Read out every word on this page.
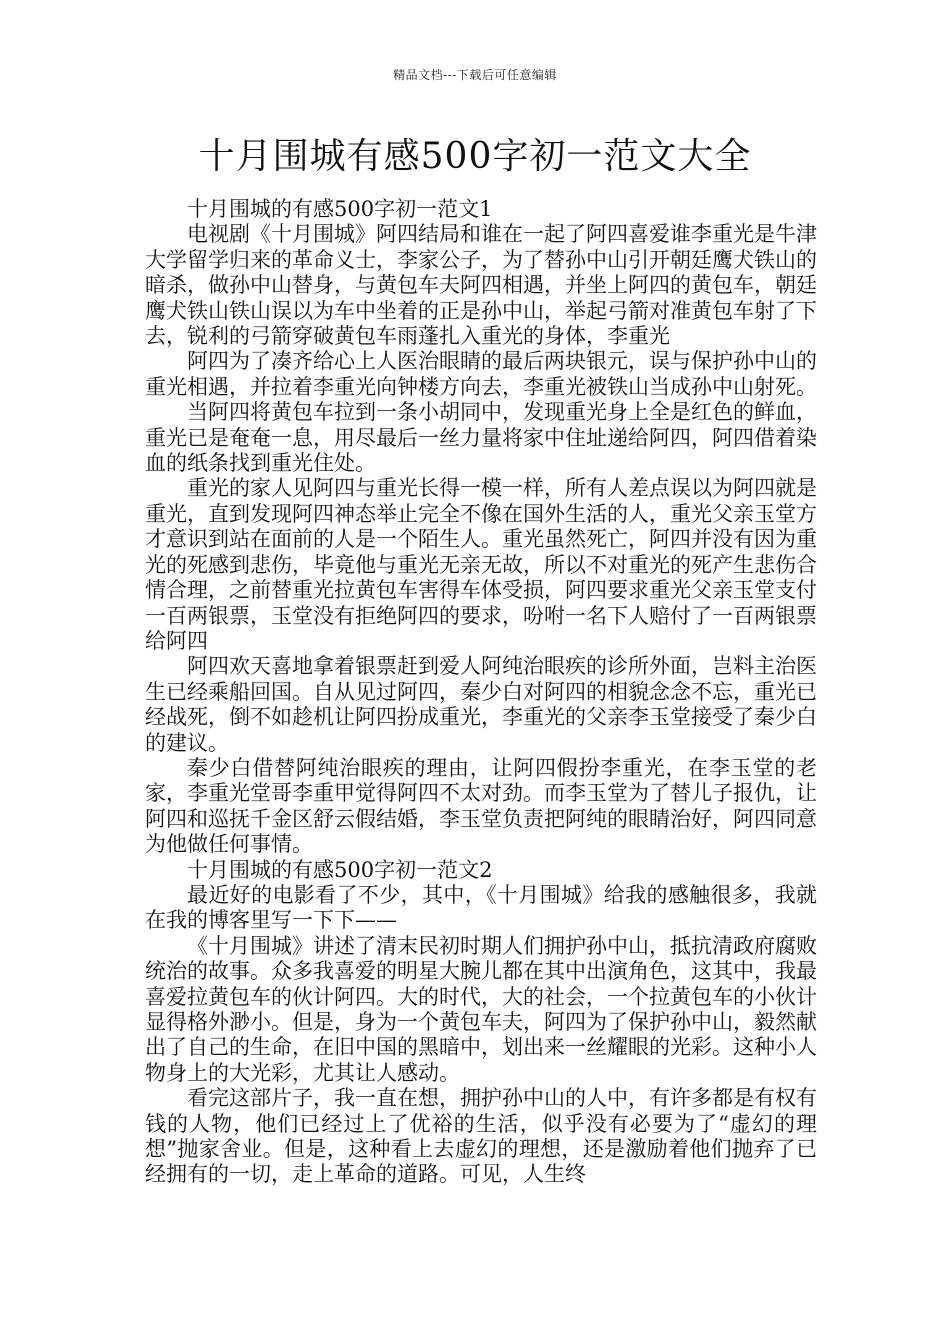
精品文档---下载后可任意编辑
十月围城有感500字初一范文大全

十月围城的有感500字初一范文1

电视剧《十月围城》阿四结局和谁在一起了阿四喜爱谁李重光是牛津大学留学归来的革命义士，李家公子，为了替孙中山引开朝廷鹰犬铁山的暗杀，做孙中山替身，与黄包车夫阿四相遇，并坐上阿四的黄包车，朝廷鹰犬铁山铁山误以为车中坐着的正是孙中山，举起弓箭对准黄包车射了下去，锐利的弓箭穿破黄包车雨蓬扎入重光的身体，李重光

阿四为了凑齐给心上人医治眼睛的最后两块银元，误与保护孙中山的重光相遇，并拉着李重光向钟楼方向去，李重光被铁山当成孙中山射死。

当阿四将黄包车拉到一条小胡同中，发现重光身上全是红色的鲜血，重光已是奄奄一息，用尽最后一丝力量将家中住址递给阿四，阿四借着染血的纸条找到重光住处。

重光的家人见阿四与重光长得一模一样，所有人差点误以为阿四就是重光，直到发现阿四神态举止完全不像在国外生活的人，重光父亲玉堂方才意识到站在面前的人是一个陌生人。重光虽然死亡，阿四并没有因为重光的死感到悲伤，毕竟他与重光无亲无故，所以不对重光的死产生悲伤合情合理，之前替重光拉黄包车害得车体受损，阿四要求重光父亲玉堂支付一百两银票，玉堂没有拒绝阿四的要求，吩咐一名下人赔付了一百两银票给阿四

阿四欢天喜地拿着银票赶到爱人阿纯治眼疾的诊所外面，岂料主治医生已经乘船回国。自从见过阿四，秦少白对阿四的相貌念念不忘，重光已经战死，倒不如趁机让阿四扮成重光，李重光的父亲李玉堂接受了秦少白的建议。

秦少白借替阿纯治眼疾的理由，让阿四假扮李重光，在李玉堂的老家，李重光堂哥李重甲觉得阿四不太对劲。而李玉堂为了替儿子报仇，让阿四和巡抚千金区舒云假结婚，李玉堂负责把阿纯的眼睛治好，阿四同意为他做任何事情。

十月围城的有感500字初一范文2

最近好的电影看了不少，其中，《十月围城》给我的感触很多，我就在我的博客里写一下下——

《十月围城》讲述了清末民初时期人们拥护孙中山，抵抗清政府腐败统治的故事。众多我喜爱的明星大腕儿都在其中出演角色，这其中，我最喜爱拉黄包车的伙计阿四。大的时代，大的社会，一个拉黄包车的小伙计显得格外渺小。但是，身为一个黄包车夫，阿四为了保护孙中山，毅然献出了自己的生命，在旧中国的黑暗中，划出来一丝耀眼的光彩。这种小人物身上的大光彩，尤其让人感动。

看完这部片子，我一直在想，拥护孙中山的人中，有许多都是有权有钱的人物，他们已经过上了优裕的生活，似乎没有必要为了“虚幻的理想”抛家舍业。但是，这种看上去虚幻的理想，还是激励着他们抛弃了已经拥有的一切，走上革命的道路。可见，人生终
